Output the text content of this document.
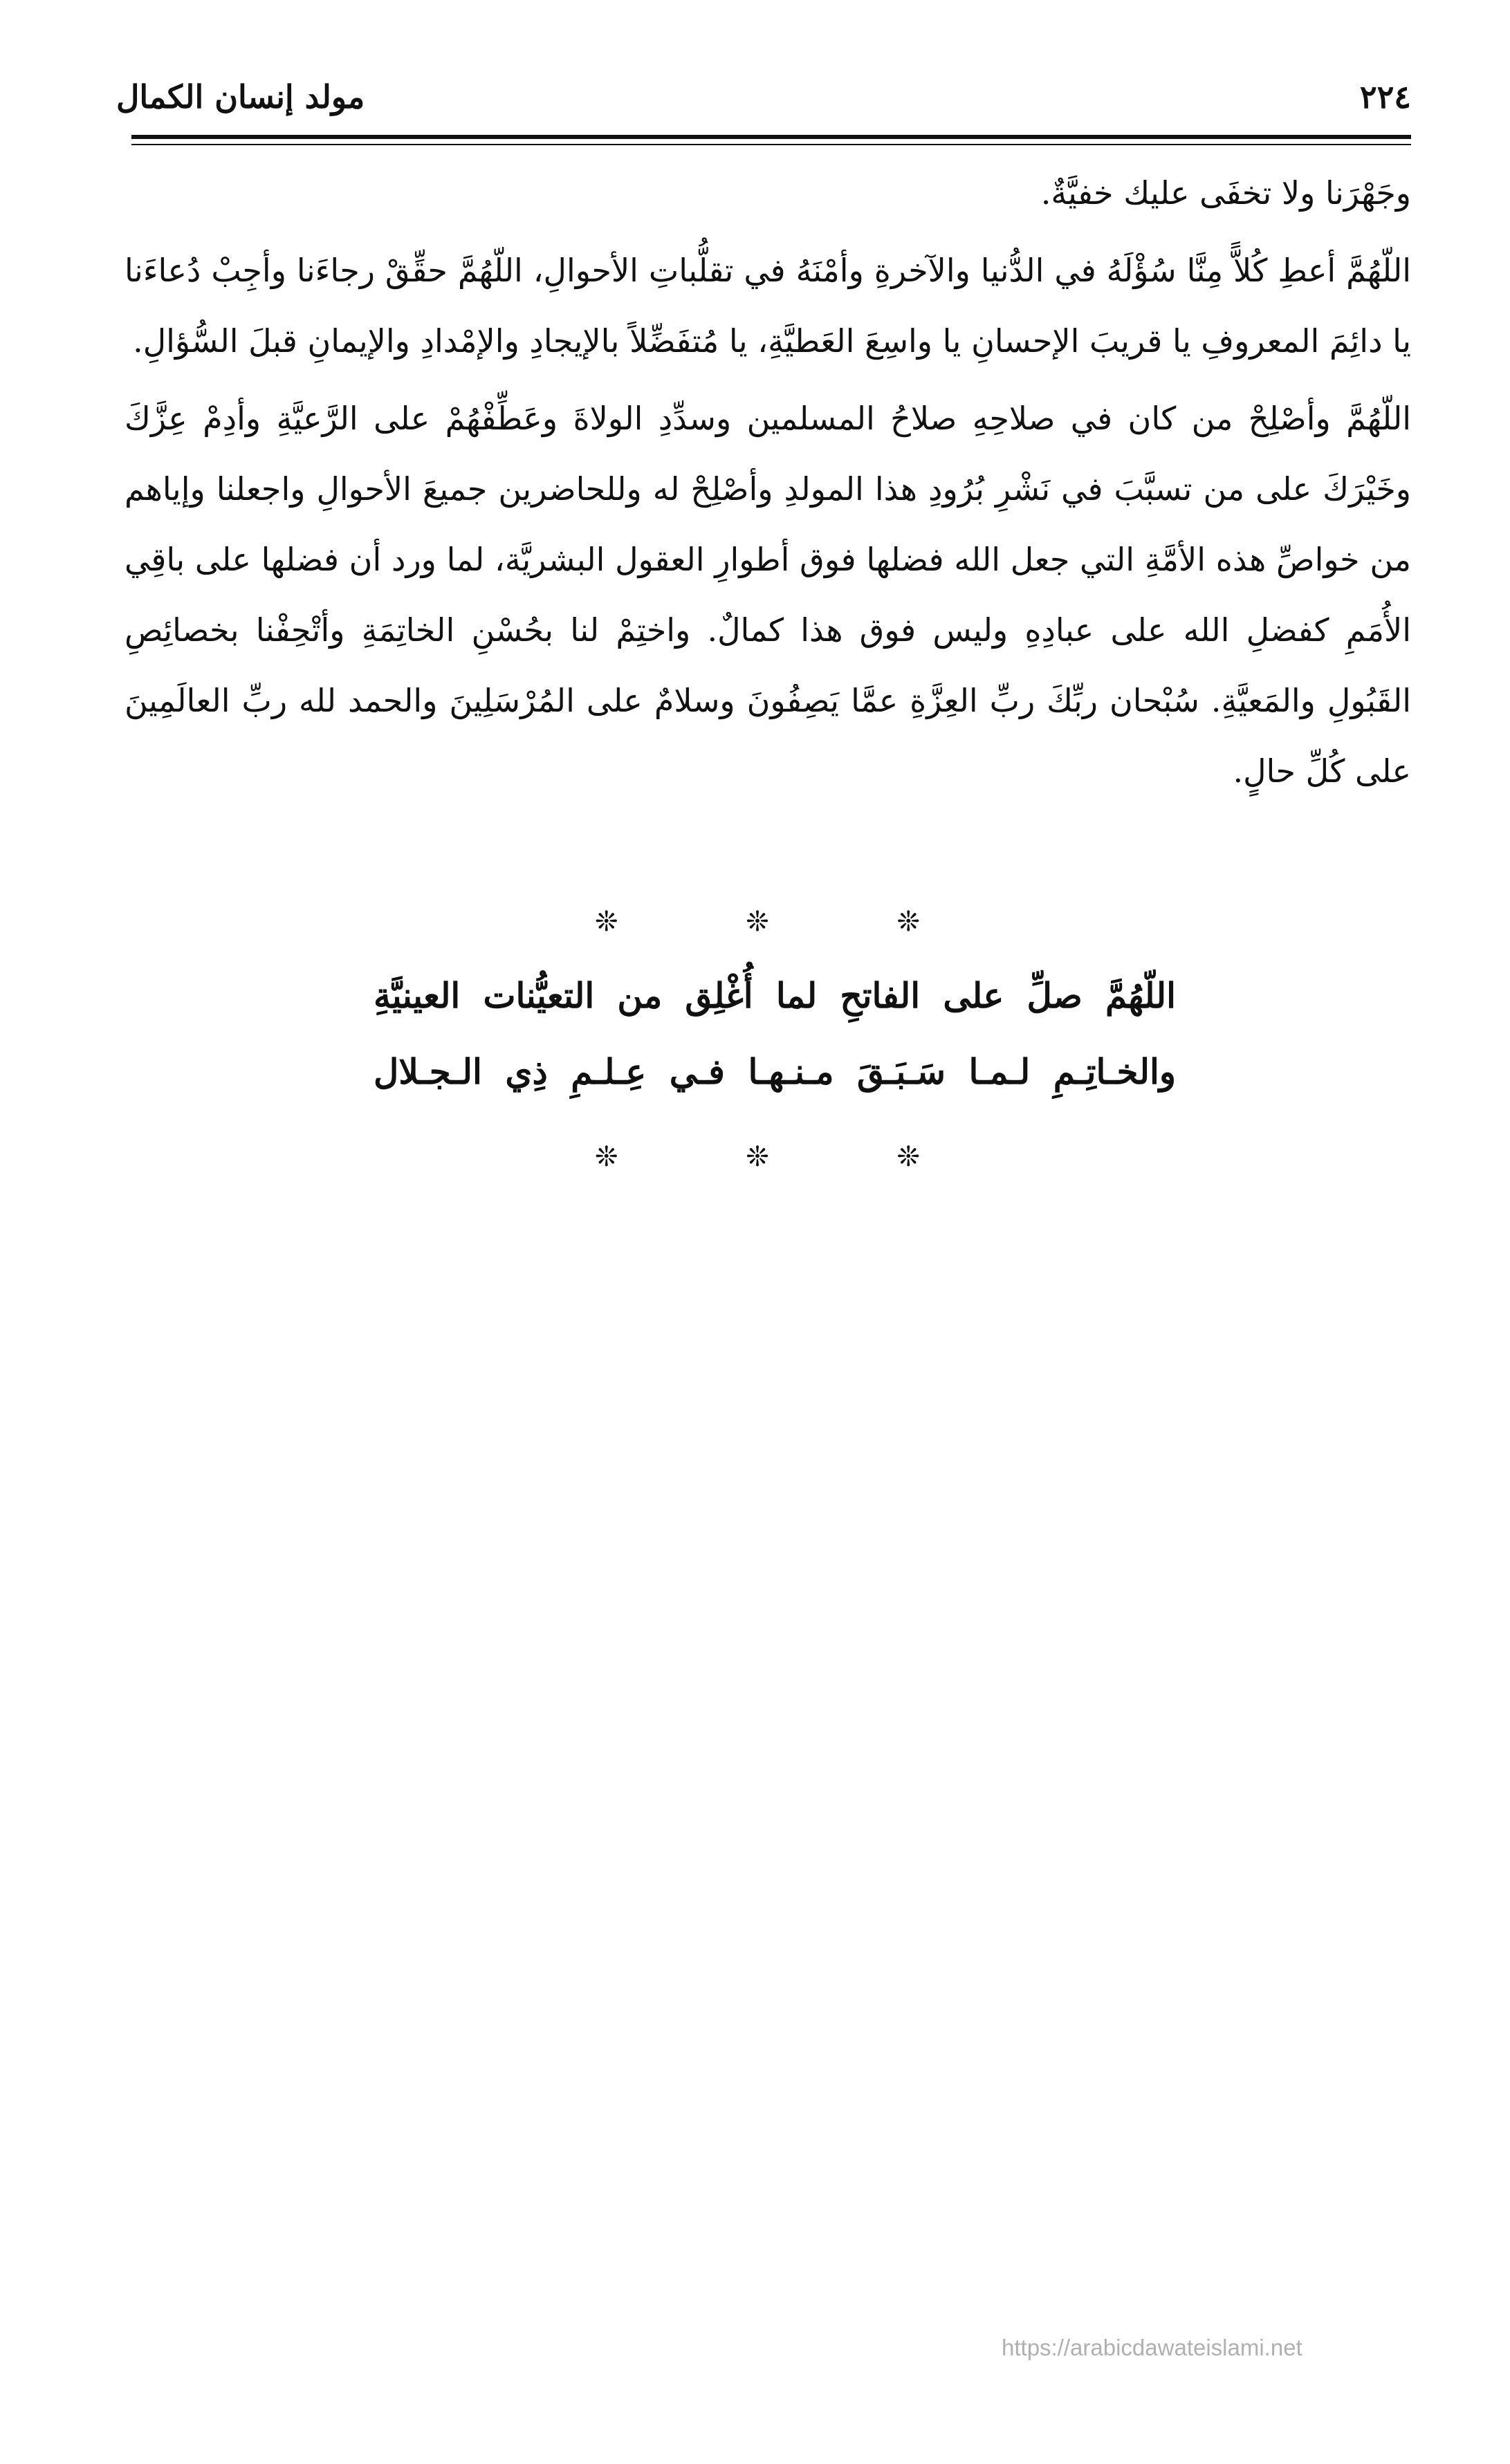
٢٢٤
مولد إنسان الكمال

وجَهْرَنا ولا تخفَى عليك خفيَّةٌ.

اللّهُمَّ أعطِ كُلاًّ مِنَّا سُؤْلَهُ في الدُّنيا والآخرةِ وأمْنَهُ في تقلُّباتِ الأحوالِ، اللّهُمَّ حقِّقْ رجاءَنا وأجِبْ دُعاءَنا يا دائِمَ المعروفِ يا قريبَ الإحسانِ يا واسِعَ العَطيَّةِ، يا مُتفَضِّلاً بالإيجادِ والإمْدادِ والإيمانِ قبلَ السُّؤالِ.

اللّهُمَّ وأصْلِحْ من كان في صلاحِهِ صلاحُ المسلمين وسدِّدِ الولاةَ وعَطِّفْهُمْ على الرَّعيَّةِ وأدِمْ عِزَّكَ وخَيْرَكَ على من تسبَّبَ في نَشْرِ بُرُودِ هذا المولدِ وأصْلِحْ له وللحاضرين جميعَ الأحوالِ واجعلنا وإياهم من خواصِّ هذه الأمَّةِ التي جعل الله فضلها فوق أطوارِ العقول البشريَّة، لما ورد أن فضلها على باقِي الأُمَمِ كفضلِ الله على عبادِهِ وليس فوق هذا كمالٌ. واختِمْ لنا بحُسْنِ الخاتِمَةِ وأتْحِفْنا بخصائِصِ القَبُولِ والمَعيَّةِ. سُبْحان ربِّكَ ربِّ العِزَّةِ عمَّا يَصِفُونَ وسلامٌ على المُرْسَلِينَ والحمد لله ربِّ العالَمِينَ على كُلِّ حالٍ.

❊
❊
❊
اللّهُمَّ صلِّ على الفاتحِ لما أُغْلِق من التعيُّنات العينيَّةِ
والخـاتِـمِ لـمـا سَـبَـقَ مـنـهـا فـي عِـلـمِ ذِي الـجـلال
❊
❊
❊
https://arabicdawateislami.net
